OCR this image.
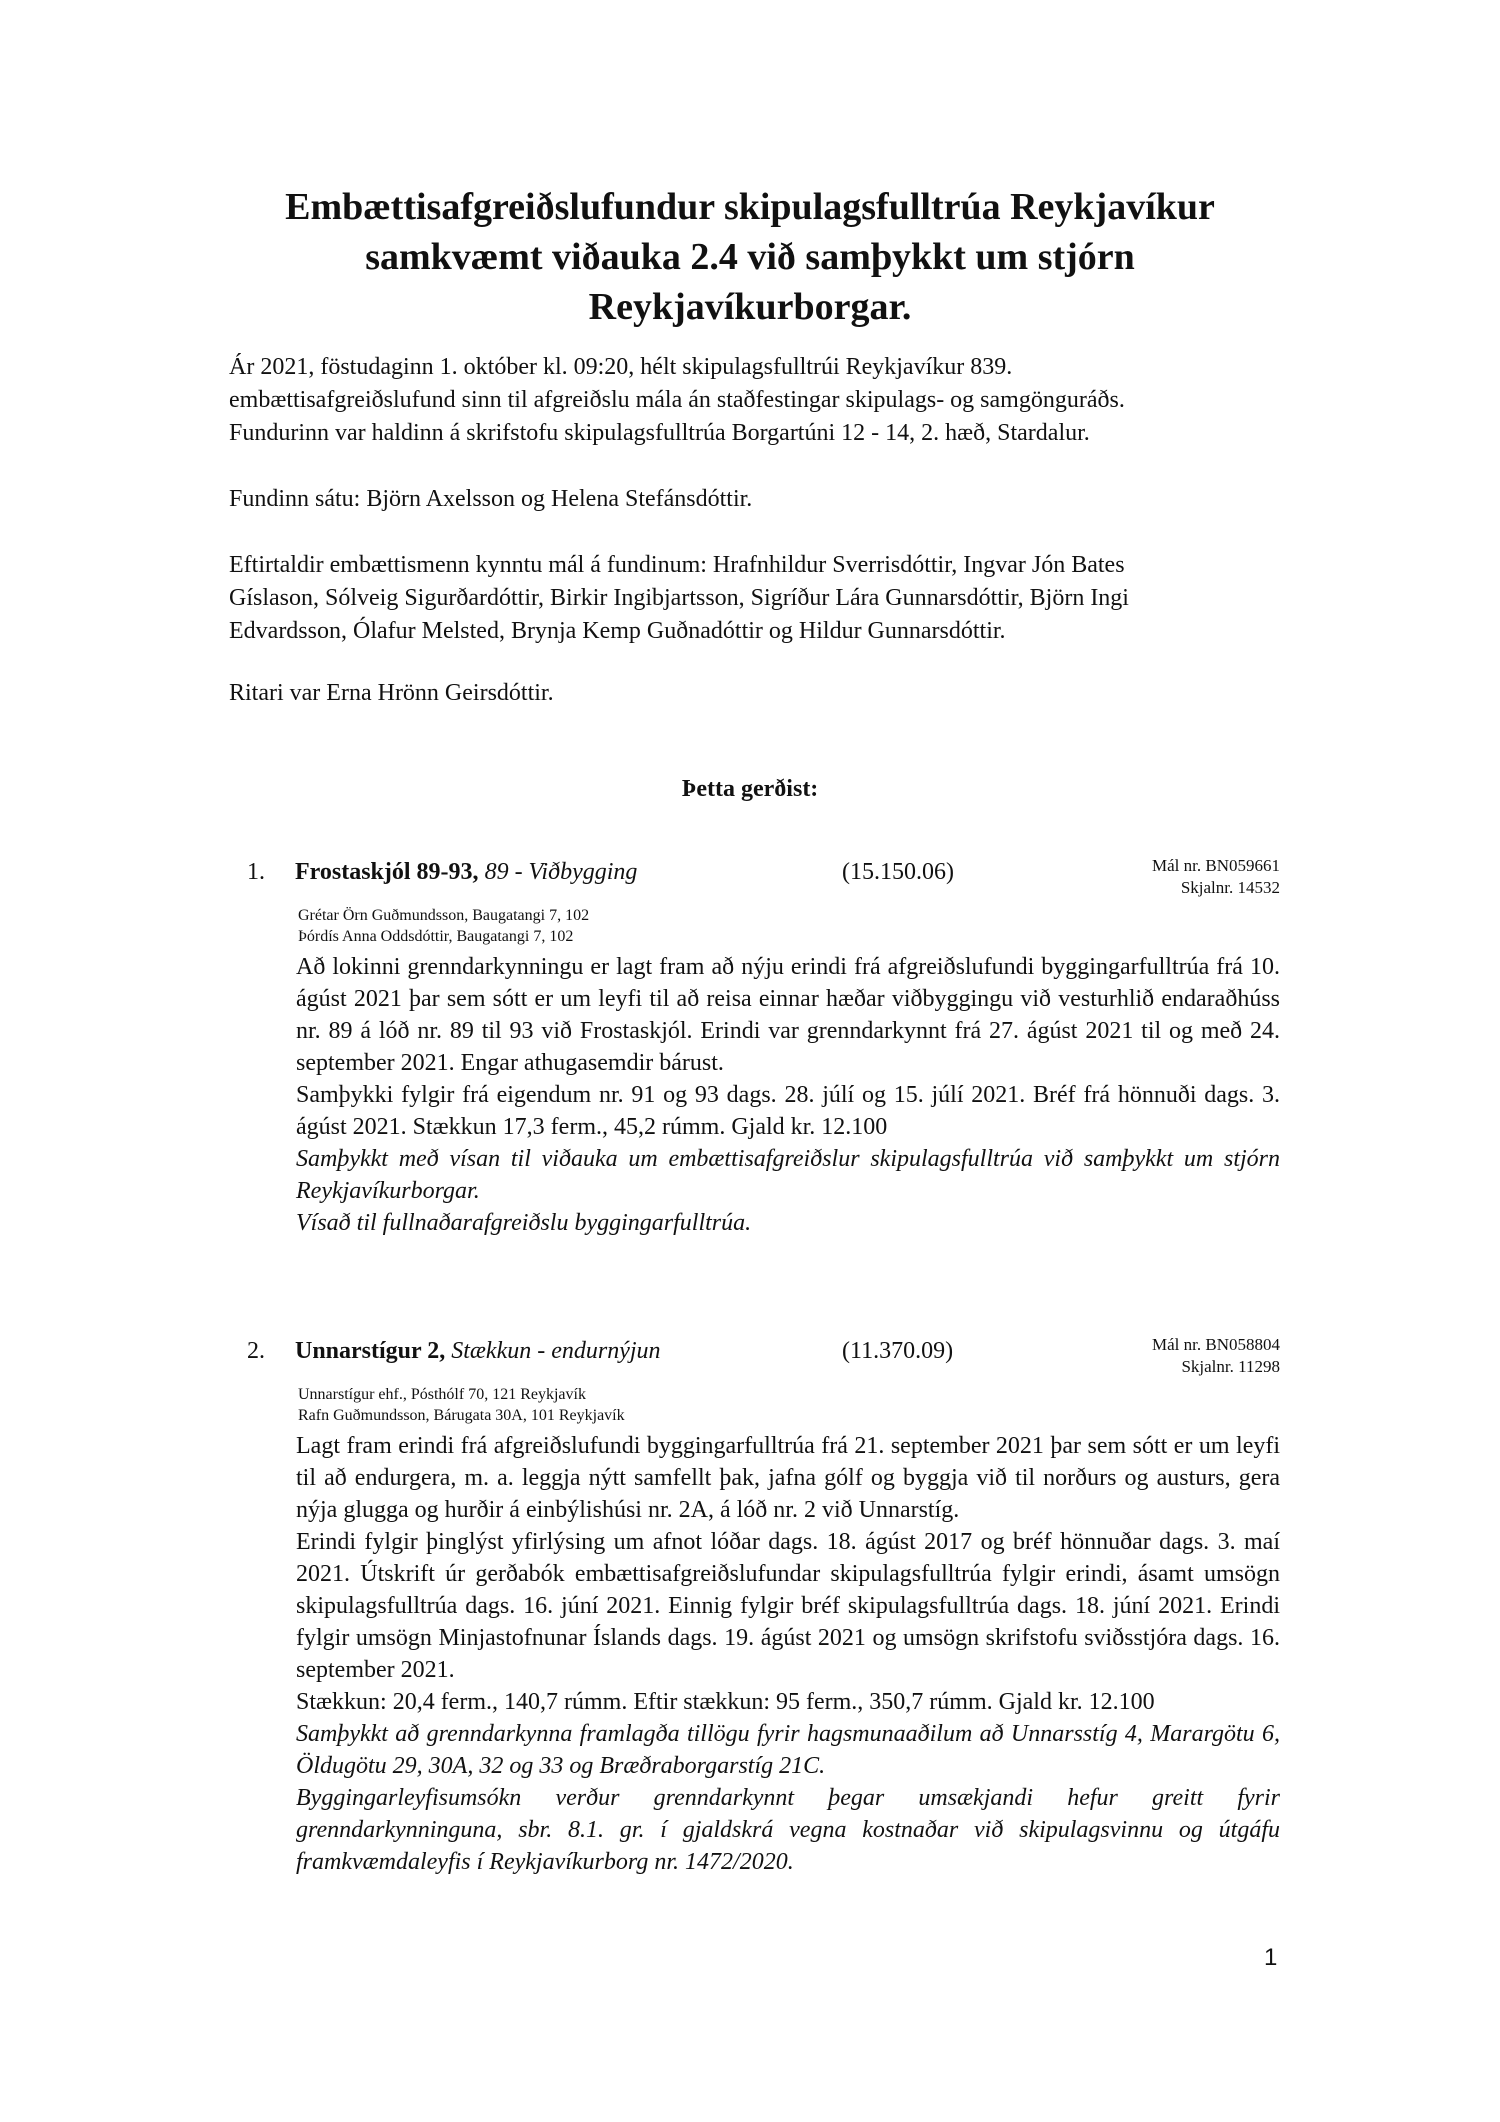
Embættisafgreiðslufundur skipulagsfulltrúa Reykjavíkur
samkvæmt viðauka 2.4 við samþykkt um stjórn
Reykjavíkurborgar.
Ár 2021, föstudaginn 1. október kl. 09:20, hélt skipulagsfulltrúi Reykjavíkur 839.
embættisafgreiðslufund sinn til afgreiðslu mála án staðfestingar skipulags- og samgönguráðs.
Fundurinn var haldinn á skrifstofu skipulagsfulltrúa Borgartúni 12 - 14, 2. hæð, Stardalur.
Fundinn sátu: Björn Axelsson og Helena Stefánsdóttir.
Eftirtaldir embættismenn kynntu mál á fundinum: Hrafnhildur Sverrisdóttir, Ingvar Jón Bates
Gíslason, Sólveig Sigurðardóttir, Birkir Ingibjartsson, Sigríður Lára Gunnarsdóttir, Björn Ingi
Edvardsson, Ólafur Melsted, Brynja Kemp Guðnadóttir og Hildur Gunnarsdóttir.
Ritari var Erna Hrönn Geirsdóttir.
Þetta gerðist:
1. Frostaskjól 89-93, 89 - Viðbygging	(15.150.06)	Mál nr. BN059661
Skjalnr. 14532
Grétar Örn Guðmundsson, Baugatangi 7, 102
Þórdís Anna Oddsdóttir, Baugatangi 7, 102

Að lokinni grenndarkynningu er lagt fram að nýju erindi frá afgreiðslufundi byggingarfulltrúa frá 10. ágúst 2021 þar sem sótt er um leyfi til að reisa einnar hæðar viðbyggingu við vesturhlið endaraðhúss nr. 89 á lóð nr. 89 til 93 við Frostaskjól. Erindi var grenndarkynnt frá 27. ágúst 2021 til og með 24. september 2021. Engar athugasemdir bárust.

Samþykki fylgir frá eigendum nr. 91 og 93 dags. 28. júlí og 15. júlí 2021. Bréf frá hönnuði dags. 3. ágúst 2021. Stækkun 17,3 ferm., 45,2 rúmm. Gjald kr. 12.100

Samþykkt með vísan til viðauka um embættisafgreiðslur skipulagsfulltrúa við samþykkt um stjórn Reykjavíkurborgar.

Vísað til fullnaðarafgreiðslu byggingarfulltrúa.

2. Unnarstígur 2, Stækkun - endurnýjun	(11.370.09)	Mál nr. BN058804
Skjalnr. 11298
Unnarstígur ehf., Pósthólf 70, 121 Reykjavík
Rafn Guðmundsson, Bárugata 30A, 101 Reykjavík

Lagt fram erindi frá afgreiðslufundi byggingarfulltrúa frá 21. september 2021 þar sem sótt er um leyfi til að endurgera, m. a. leggja nýtt samfellt þak, jafna gólf og byggja við til norðurs og austurs, gera nýja glugga og hurðir á einbýlishúsi nr. 2A, á lóð nr. 2 við Unnarstíg.

Erindi fylgir þinglýst yfirlýsing um afnot lóðar dags. 18. ágúst 2017 og bréf hönnuðar dags. 3. maí 2021. Útskrift úr gerðabók embættisafgreiðslufundar skipulagsfulltrúa fylgir erindi, ásamt umsögn skipulagsfulltrúa dags. 16. júní 2021. Einnig fylgir bréf skipulagsfulltrúa dags. 18. júní 2021. Erindi fylgir umsögn Minjastofnunar Íslands dags. 19. ágúst 2021 og umsögn skrifstofu sviðsstjóra dags. 16. september 2021.

Stækkun: 20,4 ferm., 140,7 rúmm. Eftir stækkun: 95 ferm., 350,7 rúmm. Gjald kr. 12.100

Samþykkt að grenndarkynna framlagða tillögu fyrir hagsmunaaðilum að Unnarsstíg 4, Marargötu 6, Öldugötu 29, 30A, 32 og 33 og Bræðraborgarstíg 21C.

Byggingarleyfisumsókn verður grenndarkynnt þegar umsækjandi hefur greitt fyrir grenndarkynninguna, sbr. 8.1. gr. í gjaldskrá vegna kostnaðar við skipulagsvinnu og útgáfu framkvæmdaleyfis í Reykjavíkurborg nr. 1472/2020.

1
